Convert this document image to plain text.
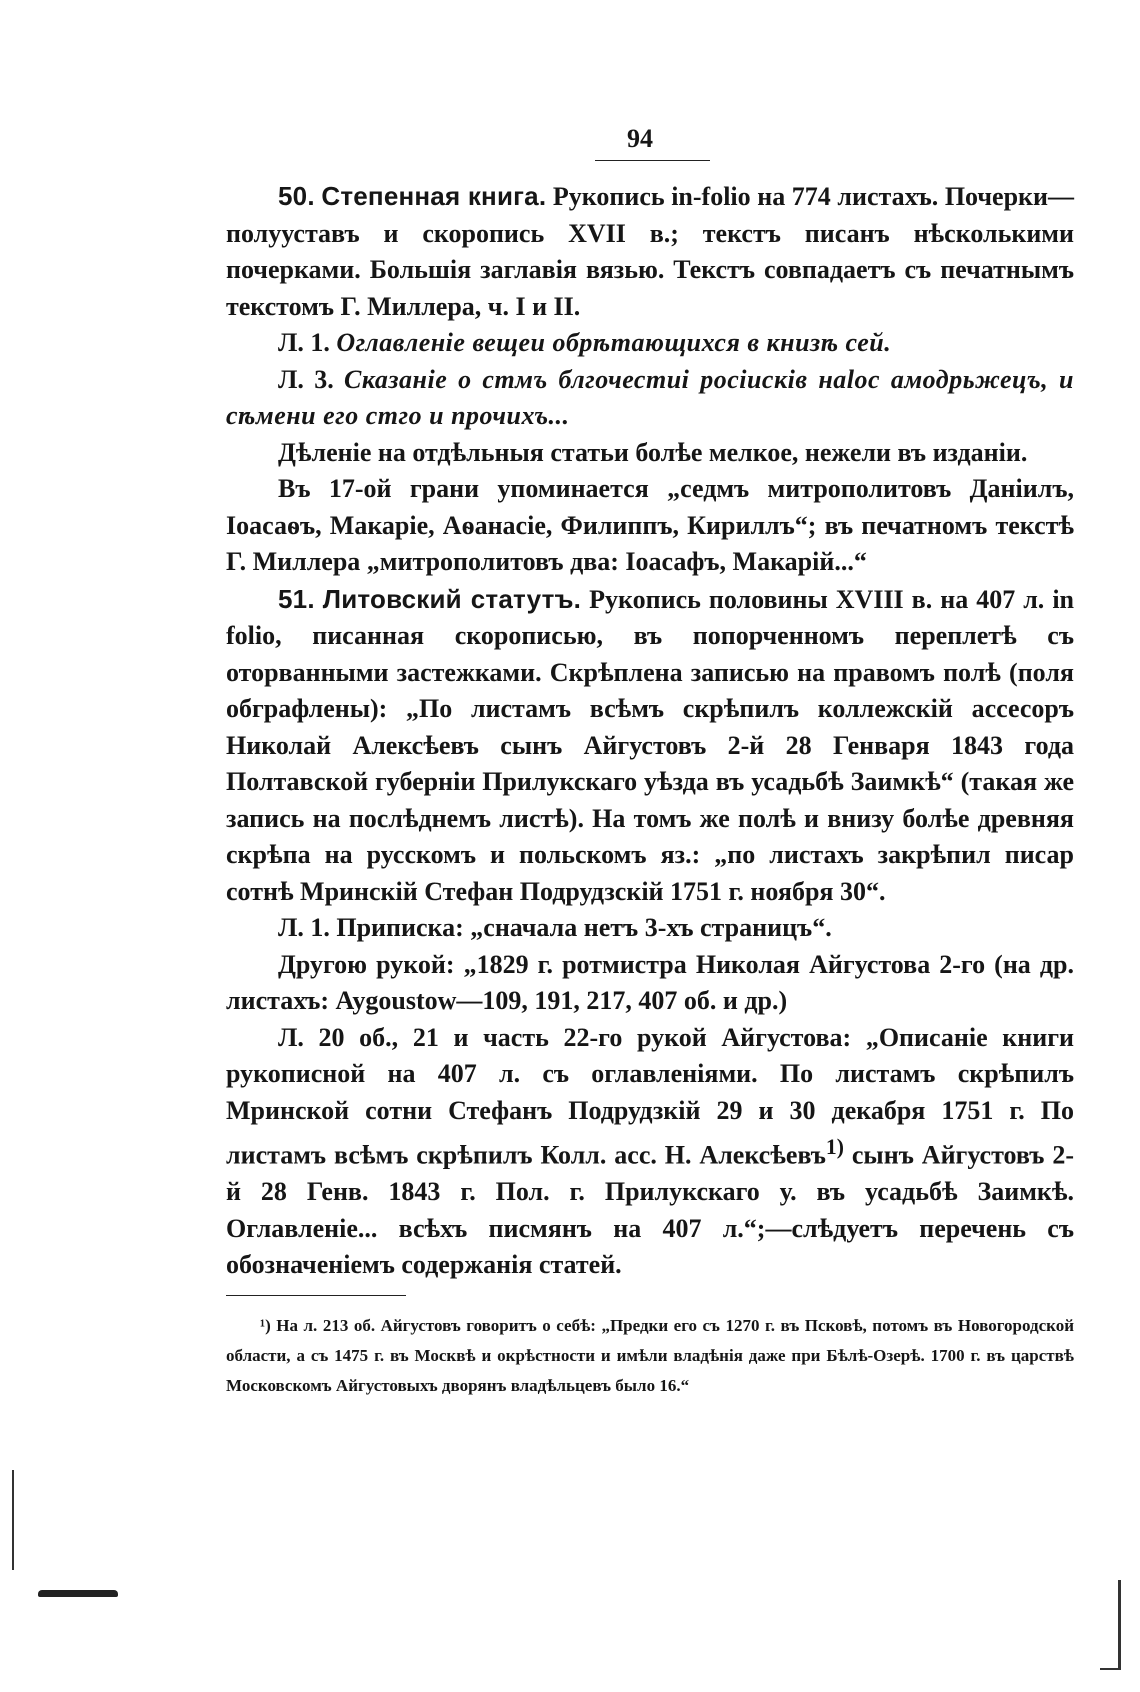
94

50. Степенная книга. Рукопись in-folio на 774 листахъ. Почерки— полууставъ и скоропись XVII в.; текстъ писанъ нѣсколькими почерками. Большія заглавія вязью. Текстъ совпадаетъ съ печатнымъ текстомъ Г. Миллера, ч. I и II.

Л. 1. Оглавленіе вещеи обрѣтающихся в книзѣ сей.

Л. 3. Сказаніе о стмъ блгочестиі росіисків наlос амодрьжецъ, и сѣмени его стго и прочихъ...

Дѣленіе на отдѣльныя статьи болѣе мелкое, нежели въ изданіи.

Въ 17-ой грани упоминается „седмъ митрополитовъ Даніилъ, Іоасаѳъ, Макаріе, Аѳанасіе, Филиппъ, Кириллъ“; въ печатномъ текстѣ Г. Миллера „митрополитовъ два: Іоасафъ, Макарій...“

51. Литовский статутъ. Рукопись половины XVIII в. на 407 л. in folio, писанная скорописью, въ попорченномъ переплетѣ съ оторванными застежками. Скрѣплена записью на правомъ полѣ (поля обграфлены): „По листамъ всѣмъ скрѣпилъ коллежскій ассесоръ Николай Алексѣевъ сынъ Айгустовъ 2-й 28 Генваря 1843 года Полтавской губерніи Прилукскаго уѣзда въ усадьбѣ Заимкѣ“ (такая же запись на послѣднемъ листѣ). На томъ же полѣ и внизу болѣе древняя скрѣпа на русскомъ и польскомъ яз.: „по листахъ закрѣпил писар сотнѣ Мринскій Стефан Подрудзскій 1751 г. ноября 30“.

Л. 1. Приписка: „сначала нетъ 3-хъ страницъ“.

Другою рукой: „1829 г. ротмистра Николая Айгустова 2-го (на др. листахъ: Aygoustow—109, 191, 217, 407 об. и др.)

Л. 20 об., 21 и часть 22-го рукой Айгустова: „Описаніе книги рукописной на 407 л. съ оглавленіями. По листамъ скрѣпилъ Мринской сотни Стефанъ Подрудзкій 29 и 30 декабря 1751 г. По листамъ всѣмъ скрѣпилъ Колл. асс. Н. Алексѣевъ$^{1)}$ сынъ Айгустовъ 2-й 28 Генв. 1843 г. Пол. г. Прилукскаго у. въ усадьбѣ Заимкѣ. Оглавленіе... всѣхъ писмянъ на 407 л.“;—слѣдуетъ перечень съ обозначеніемъ содержанія статей.

¹) На л. 213 об. Айгустовъ говоритъ о себѣ: „Предки его съ 1270 г. въ Псковѣ, потомъ въ Новогородской области, а съ 1475 г. въ Москвѣ и окрѣстности и имѣли владѣнія даже при Бѣлѣ-Озерѣ. 1700 г. въ царствѣ Московскомъ Айгустовыхъ дворянъ владѣльцевъ было 16.“
